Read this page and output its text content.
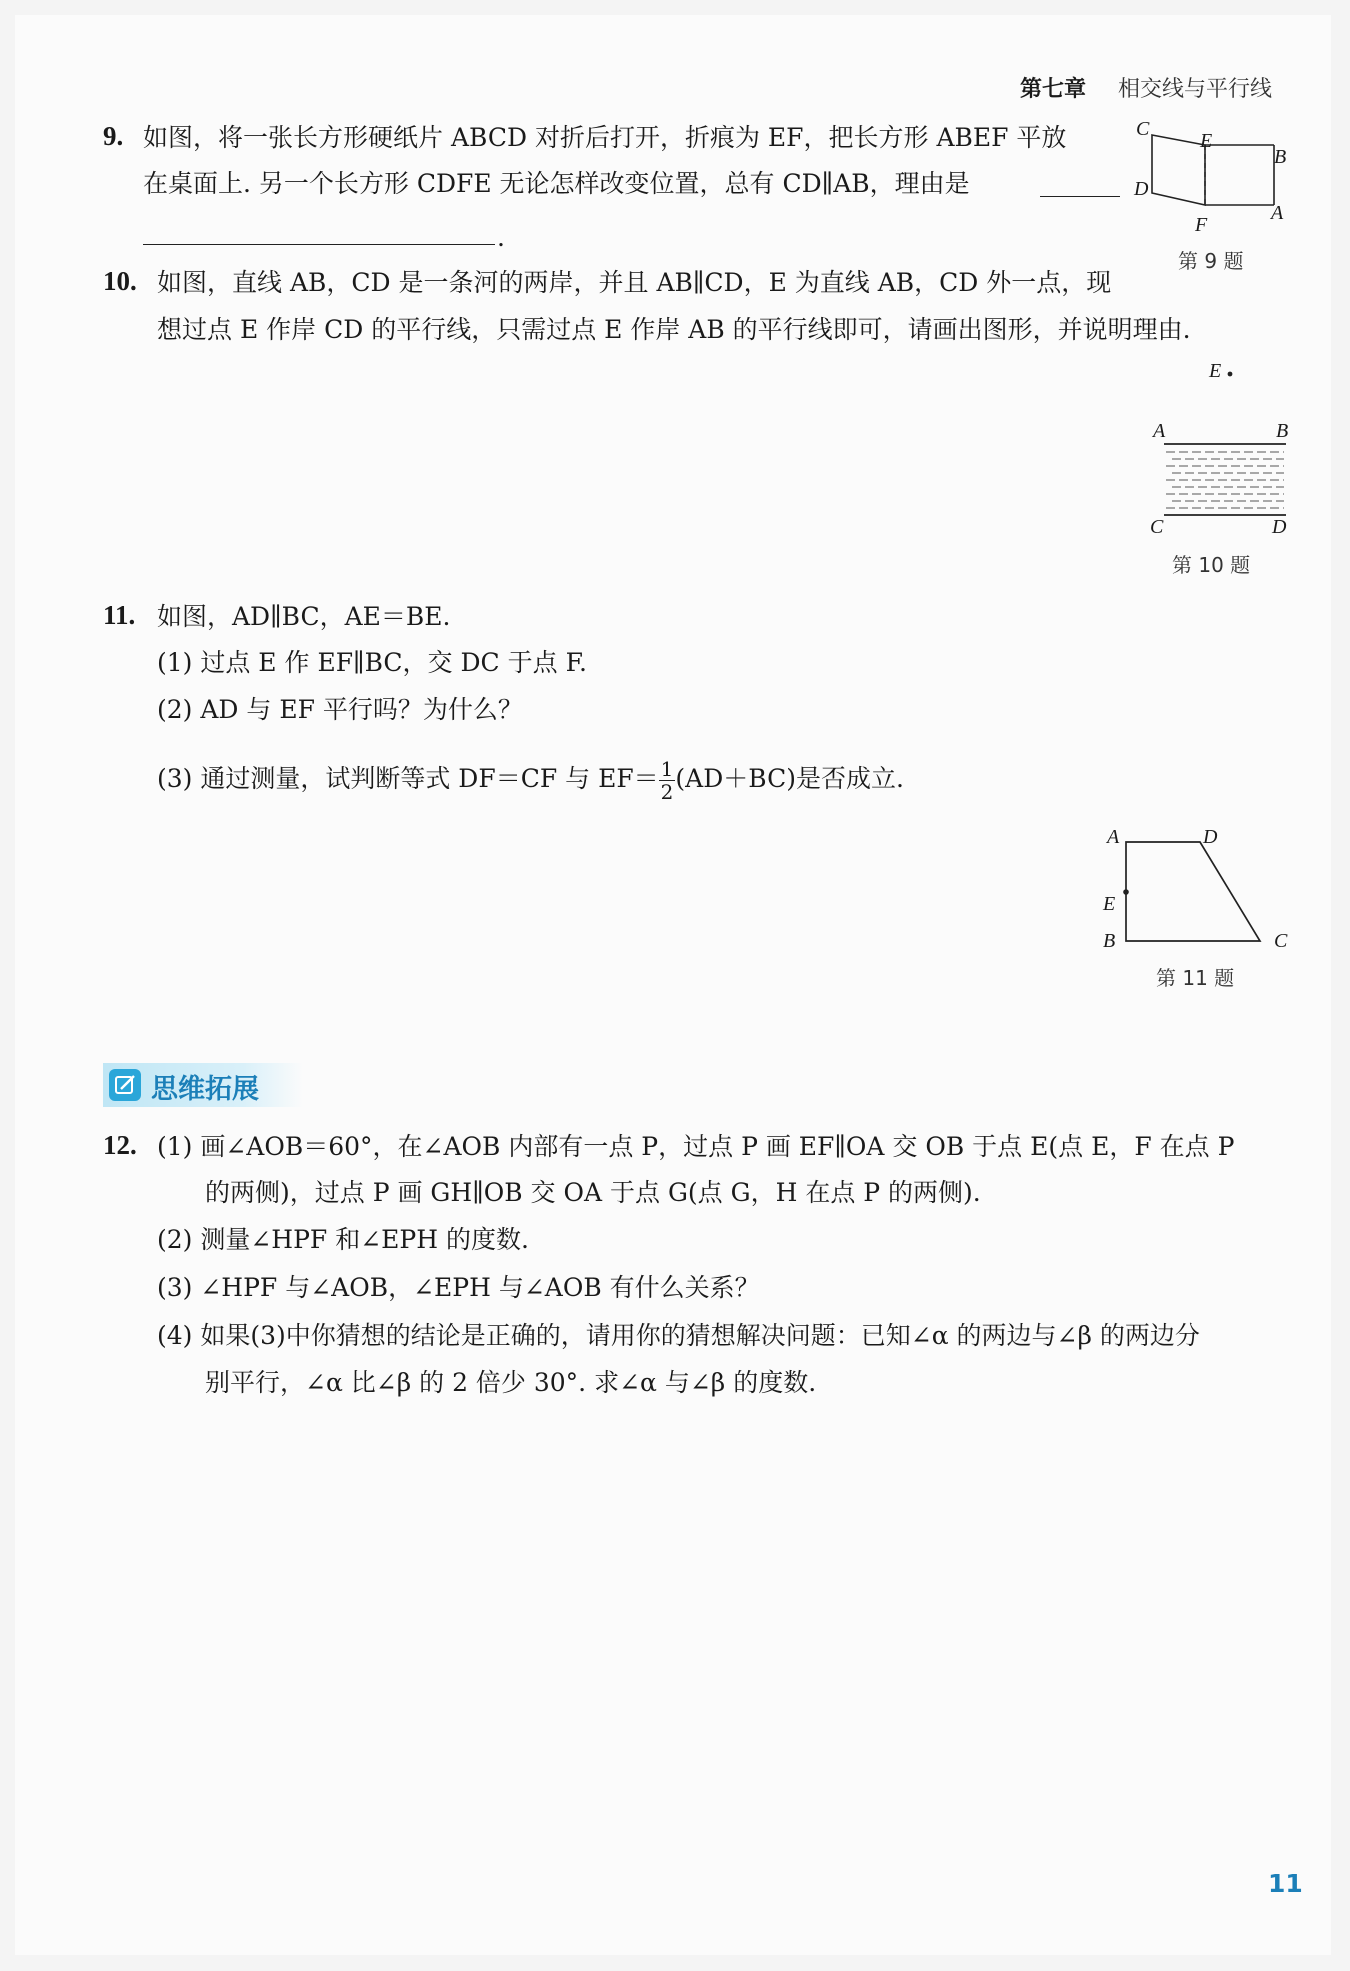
第七章 相交线与平行线
9. 如图，将一张长方形硬纸片 ABCD 对折后打开，折痕为 EF，把长方形 ABEF 平放
在桌面上. 另一个长方形 CDFE 无论怎样改变位置，总有 CD∥AB，理由是
.
C
E
B
D
F
A
第 9 题
10. 如图，直线 AB，CD 是一条河的两岸，并且 AB∥CD，E 为直线 AB，CD 外一点，现
想过点 E 作岸 CD 的平行线，只需过点 E 作岸 AB 的平行线即可，请画出图形，并说明理由.
E
A	B
C	D
第 10 题
11. 如图，AD∥BC，AE＝BE.
(1) 过点 E 作 EF∥BC，交 DC 于点 F.
(2) AD 与 EF 平行吗？为什么？
(3) 通过测量，试判断等式 DF＝CF 与 $EF= \frac{1}{2} (AD+BC)$是否成立.
A	D
E
B	C
第 11 题
思维拓展
12. (1) 画∠AOB＝60°，在∠AOB 内部有一点 P，过点 P 画 EF∥OA 交 OB 于点 E(点 E，F 在点 P
的两侧)，过点 P 画 GH∥OB 交 OA 于点 G(点 G，H 在点 P 的两侧).
(2) 测量∠HPF 和∠EPH 的度数.
(3) ∠HPF 与∠AOB，∠EPH 与∠AOB 有什么关系？
(4) 如果(3)中你猜想的结论是正确的，请用你的猜想解决问题：已知∠α 的两边与∠β 的两边分
别平行，∠α 比∠β 的 2 倍少 30°. 求∠α 与∠β 的度数.
11
